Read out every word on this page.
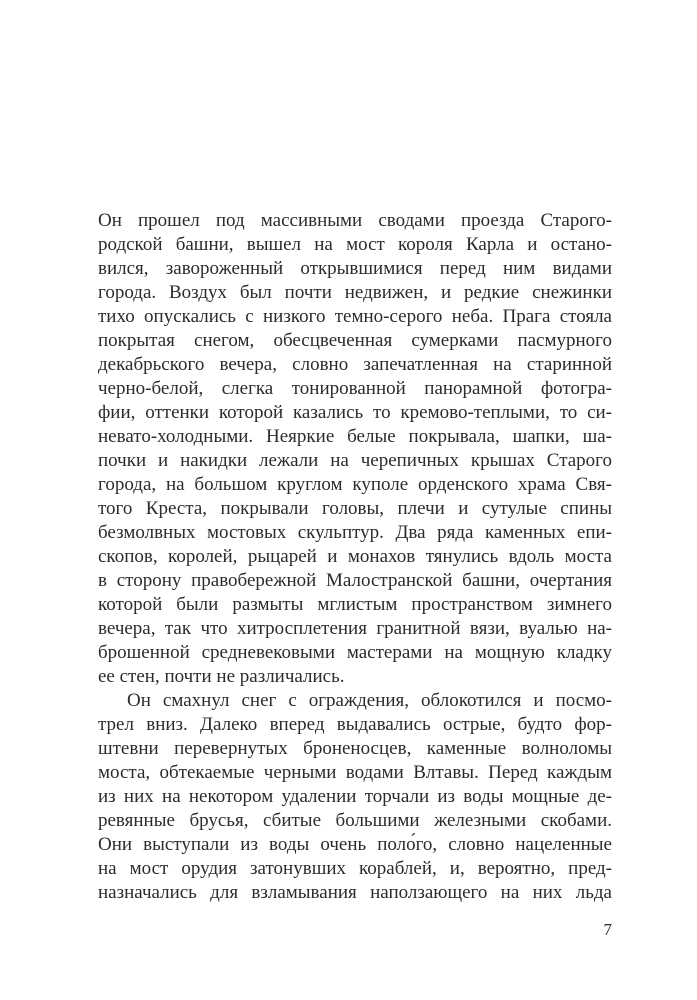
Он прошел под массивными сводами проезда Старого-
родской башни, вышел на мост короля Карла и остано-
вился, завороженный открывшимися перед ним видами
города. Воздух был почти недвижен, и редкие снежинки
тихо опускались с низкого темно-серого неба. Прага стояла
покрытая снегом, обесцвеченная сумерками пасмурного
декабрьского вечера, словно запечатленная на старинной
черно-белой, слегка тонированной панорамной фотогра-
фии, оттенки которой казались то кремово-теплыми, то си-
невато-холодными. Неяркие белые покрывала, шапки, ша-
почки и накидки лежали на черепичных крышах Старого
города, на большом круглом куполе орденского храма Свя-
того Креста, покрывали головы, плечи и сутулые спины
безмолвных мостовых скульптур. Два ряда каменных епи-
скопов, королей, рыцарей и монахов тянулись вдоль моста
в сторону правобережной Малостранской башни, очертания
которой были размыты мглистым пространством зимнего
вечера, так что хитросплетения гранитной вязи, вуалью на-
брошенной средневековыми мастерами на мощную кладку
ее стен, почти не различались.
Он смахнул снег с ограждения, облокотился и посмо-
трел вниз. Далеко вперед выдавались острые, будто фор-
штевни перевернутых броненосцев, каменные волноломы
моста, обтекаемые черными водами Влтавы. Перед каждым
из них на некотором удалении торчали из воды мощные де-
ревянные брусья, сбитые большими железными скобами.
Они выступали из воды очень поло́го, словно нацеленные
на мост орудия затонувших кораблей, и, вероятно, пред-
назначались для взламывания наползающего на них льда
7
